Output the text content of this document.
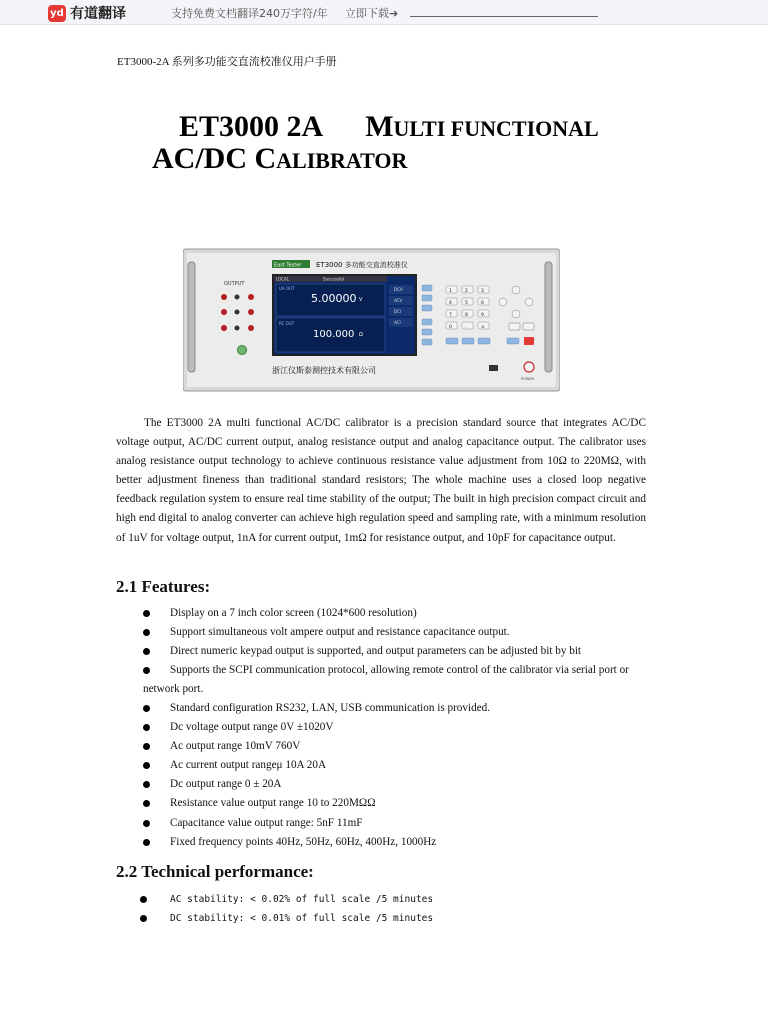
yd 有道翻译	支持免费文档翻译240万字符/年 立即下载➔
ET3000-2A 系列多功能交直流校准仪用户手册
ET3000 2A MULTI FUNCTIONAL
AC/DC CALIBRATOR
OUTPUT
East Tester ET3000 多功能交直流校准仪
LOCAL	Successful
UA OUT
5.00000 V
RC OUT
100.000 Ω
DCV
ACV
DCI
ACI
1	2	3
4	5	6
7	8	9
0	.	±
POWER
浙江仪斯泰测控技术有限公司

The ET3000 2A multi functional AC/DC calibrator is a precision standard source that integrates AC/DC voltage output, AC/DC current output, analog resistance output and analog capacitance output. The calibrator uses analog resistance output technology to achieve continuous resistance value adjustment from 10Ω to 220MΩ, with better adjustment fineness than traditional standard resistors; The whole machine uses a closed loop negative feedback regulation system to ensure real time stability of the output; The built in high precision compact circuit and high end digital to analog converter can achieve high regulation speed and sampling rate, with a minimum resolution of 1uV for voltage output, 1nA for current output, 1mΩ for resistance output, and 10pF for capacitance output.

2.1 Features:
Display on a 7 inch color screen (1024*600 resolution)
Support simultaneous volt ampere output and resistance capacitance output.
Direct numeric keypad output is supported, and output parameters can be adjusted bit by bit
Supports the SCPI communication protocol, allowing remote control of the calibrator via serial port or network port.
Standard configuration RS232, LAN, USB communication is provided.
Dc voltage output range 0V ±1020V
Ac output range 10mV 760V
Ac current output rangeμ 10A 20A
Dc output range 0 ± 20A
Resistance value output range 10 to 220MΩΩ
Capacitance value output range: 5nF 11mF
Fixed frequency points 40Hz, 50Hz, 60Hz, 400Hz, 1000Hz
2.2 Technical performance:
AC stability: < 0.02% of full scale /5 minutes
DC stability: < 0.01% of full scale /5 minutes
